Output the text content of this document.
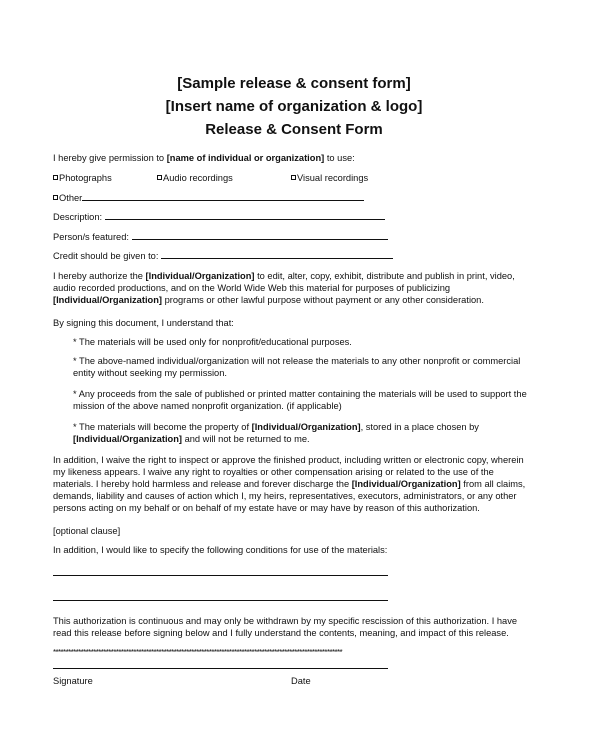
[Sample release & consent form]
[Insert name of organization & logo]
Release & Consent Form
I hereby give permission to [name of individual or organization] to use:
Photographs	Audio recordings	Visual recordings
Other
Description:
Person/s featured:
Credit should be given to:
I hereby authorize the [Individual/Organization] to edit, alter, copy, exhibit, distribute and publish in print, video,
audio recorded productions, and on the World Wide Web this material for purposes of publicizing
[Individual/Organization] programs or other lawful purpose without payment or any other consideration.
By signing this document, I understand that:
* The materials will be used only for nonprofit/educational purposes.
* The above-named individual/organization will not release the materials to any other nonprofit or commercial
entity without seeking my permission.
* Any proceeds from the sale of published or printed matter containing the materials will be used to support the
mission of the above named nonprofit organization. (if applicable)
* The materials will become the property of [Individual/Organization], stored in a place chosen by
[Individual/Organization] and will not be returned to me.
In addition, I waive the right to inspect or approve the finished product, including written or electronic copy, wherein
my likeness appears. I waive any right to royalties or other compensation arising or related to the use of the
materials. I hereby hold harmless and release and forever discharge the [Individual/Organization] from all claims,
demands, liability and causes of action which I, my heirs, representatives, executors, administrators, or any other
persons acting on my behalf or on behalf of my estate have or may have by reason of this authorization.
[optional clause]
In addition, I would like to specify the following conditions for use of the materials:
This authorization is continuous and may only be withdrawn by my specific rescission of this authorization. I have
read this release before signing below and I fully understand the contents, meaning, and impact of this release.
*******************************************************************************************************************
Signature	Date
